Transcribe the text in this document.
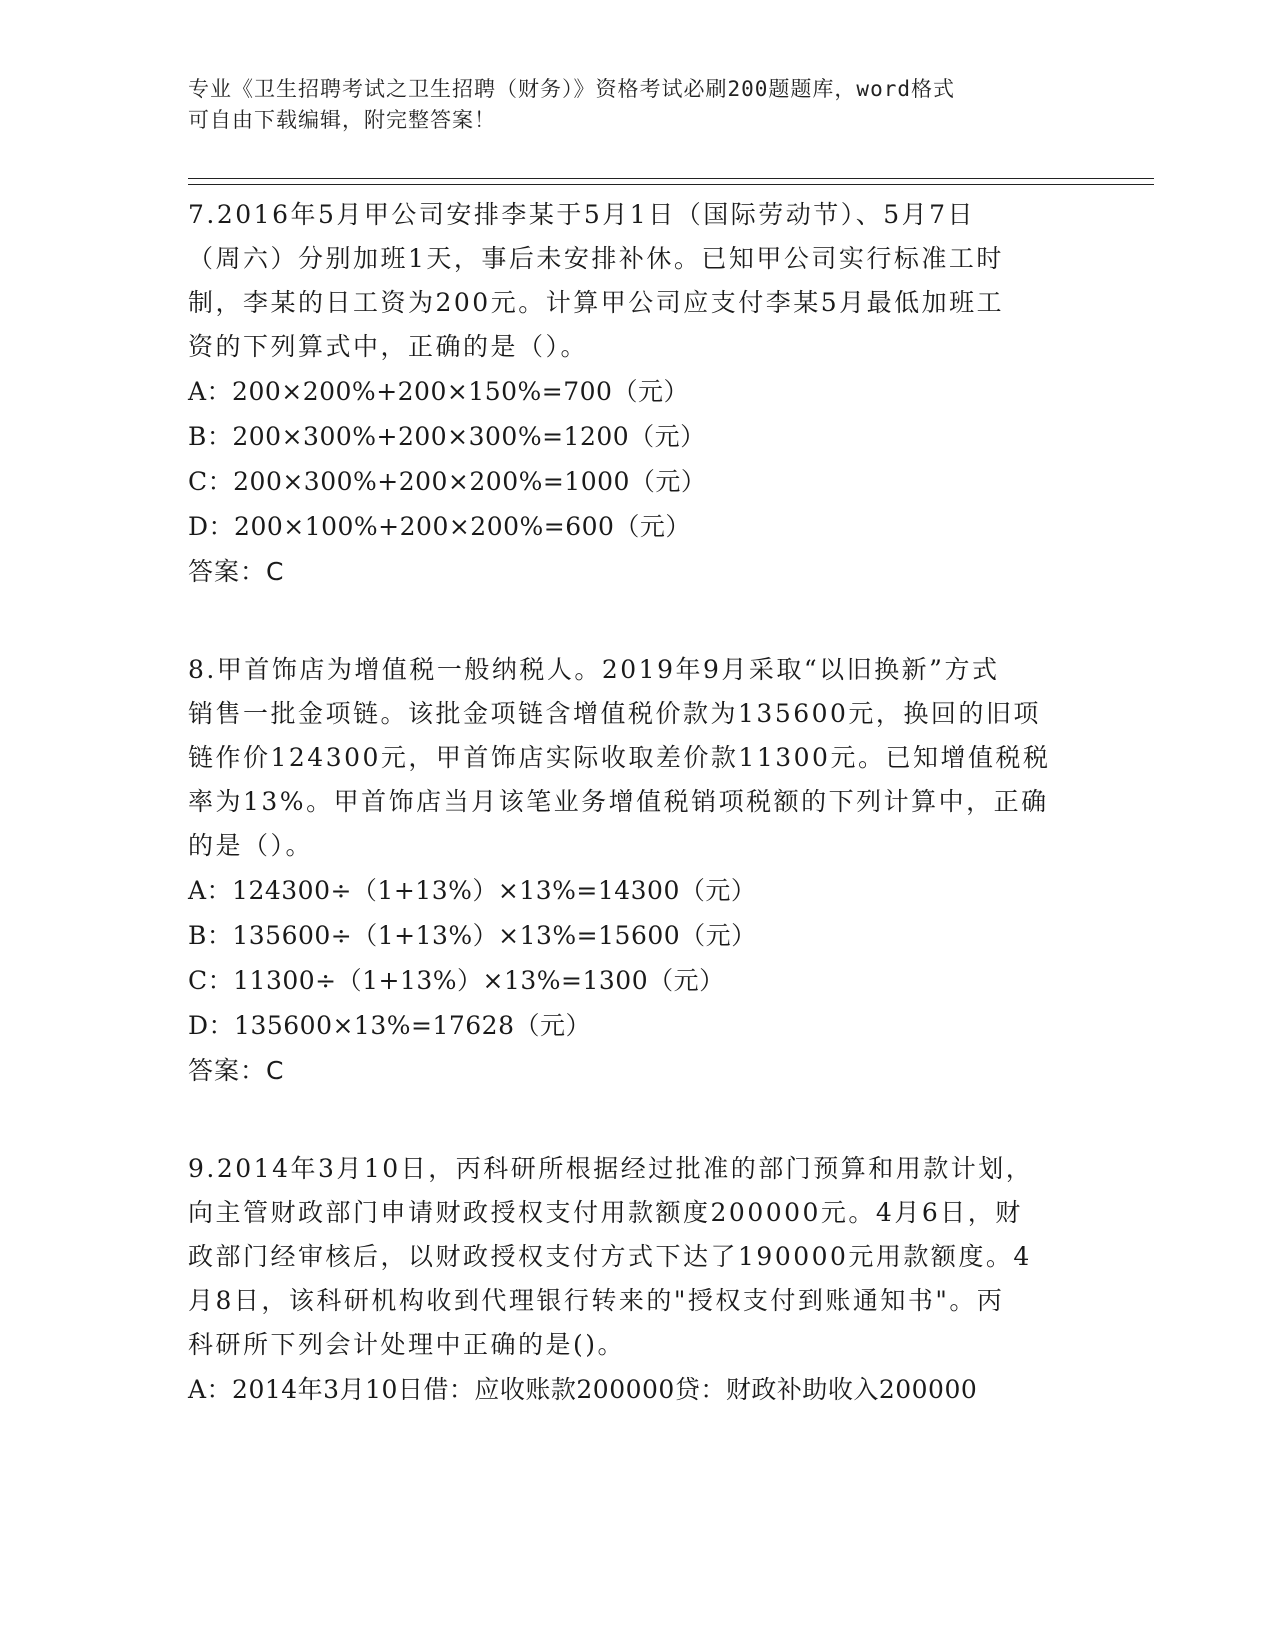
专业《卫生招聘考试之卫生招聘（财务）》资格考试必刷200题题库，word格式
可自由下载编辑，附完整答案！
7.2016年5月甲公司安排李某于5月1日（国际劳动节）、5月7日
（周六）分别加班1天，事后未安排补休。已知甲公司实行标准工时
制，李某的日工资为200元。计算甲公司应支付李某5月最低加班工
资的下列算式中，正确的是（）。
A：200×200%+200×150%=700（元）
B：200×300%+200×300%=1200（元）
C：200×300%+200×200%=1000（元）
D：200×100%+200×200%=600（元）
答案：C
8.甲首饰店为增值税一般纳税人。2019年9月采取“以旧换新”方式
销售一批金项链。该批金项链含增值税价款为135600元，换回的旧项
链作价124300元，甲首饰店实际收取差价款11300元。已知增值税税
率为13%。甲首饰店当月该笔业务增值税销项税额的下列计算中，正确
的是（）。
A：124300÷（1+13%）×13%=14300（元）
B：135600÷（1+13%）×13%=15600（元）
C：11300÷（1+13%）×13%=1300（元）
D：135600×13%=17628（元）
答案：C
9.2014年3月10日，丙科研所根据经过批准的部门预算和用款计划，
向主管财政部门申请财政授权支付用款额度200000元。4月6日，财
政部门经审核后，以财政授权支付方式下达了190000元用款额度。4
月8日，该科研机构收到代理银行转来的"授权支付到账通知书"。丙
科研所下列会计处理中正确的是()。
A：2014年3月10日借：应收账款200000贷：财政补助收入200000
